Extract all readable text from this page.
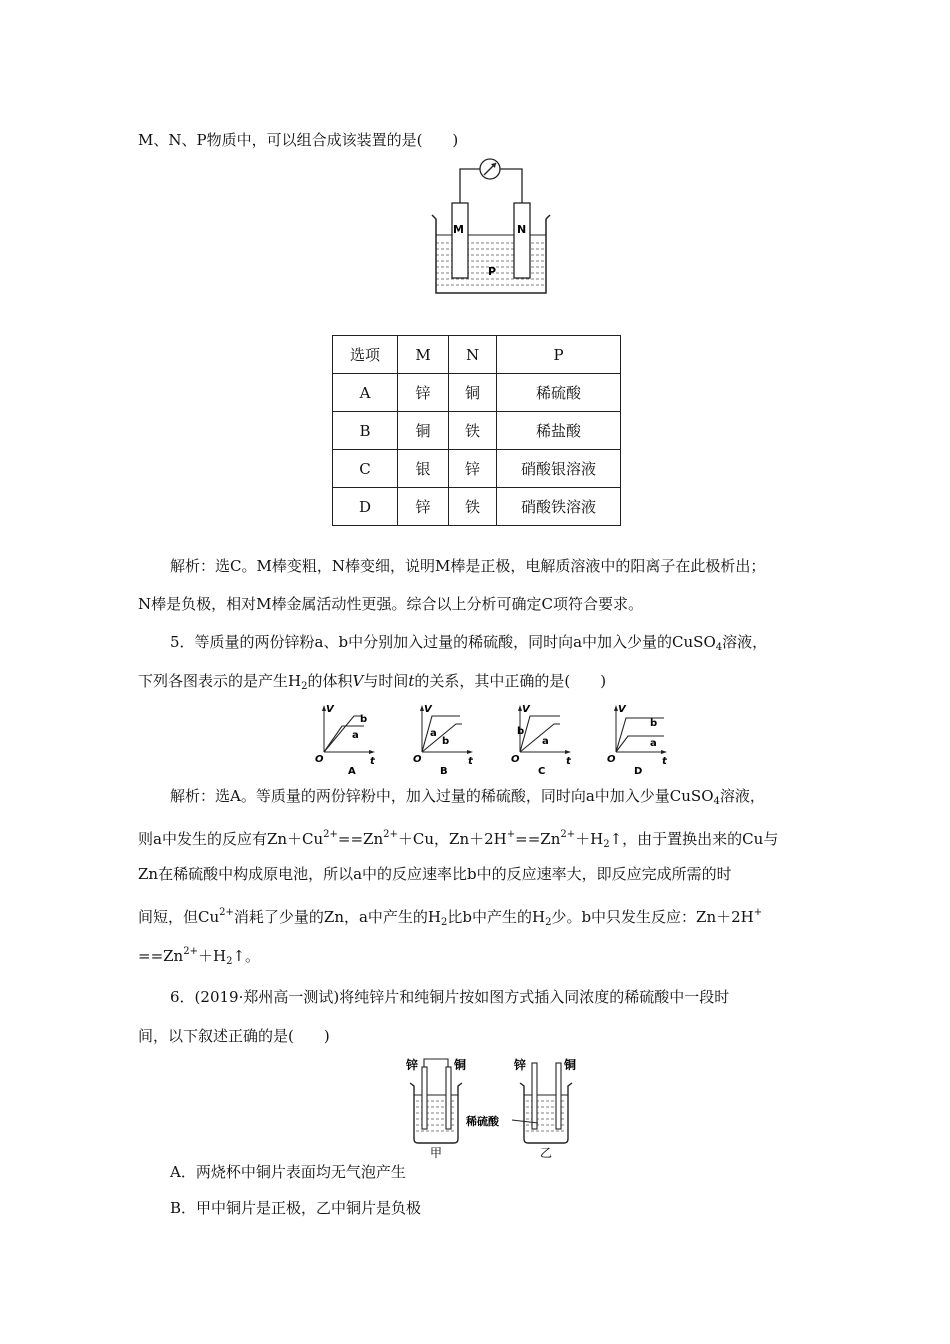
M、N、P物质中，可以组合成该装置的是(　　)
M	N
P
选项	M	N	P
A	锌	铜	稀硫酸
B	铜	铁	稀盐酸
C	银	锌	硝酸银溶液
D	锌	铁	硝酸铁溶液
解析：选C。M棒变粗，N棒变细，说明M棒是正极，电解质溶液中的阳离子在此极析出；
N棒是负极，相对M棒金属活动性更强。综合以上分析可确定C项符合要求。
5．等质量的两份锌粉a、b中分别加入过量的稀硫酸，同时向a中加入少量的CuSO$_4$溶液，
下列各图表示的是产生$H_2$的体积V与时间t的关系，其中正确的是(　　)
V
t
O
a
b
A
V
t
O
a
b
B
V
t
O
b
a
C
V
t
O
b
a
D
解析：选A。等质量的两份锌粉中，加入过量的稀硫酸，同时向a中加入少量CuSO$_4$溶液，
则a中发生的反应有$Zn+Cu^{2+}==Zn^{2+}+Cu$，$Zn+2H^+==Zn^{2+}+H_2↑$，由于置换出来的Cu与
Zn在稀硫酸中构成原电池，所以a中的反应速率比b中的反应速率大，即反应完成所需的时
间短，但$Cu^{2+}$消耗了少量的Zn，a中产生的$H_2$比b中产生的$H_2$少。b中只发生反应：Zn＋2H+
$==Zn^{2+}+H_2↑$。
6．(2019·郑州高一测试)将纯锌片和纯铜片按如图方式插入同浓度的稀硫酸中一段时
间，以下叙述正确的是(　　)
锌	铜
甲
锌	铜
乙
稀硫酸
A．两烧杯中铜片表面均无气泡产生
B．甲中铜片是正极，乙中铜片是负极
